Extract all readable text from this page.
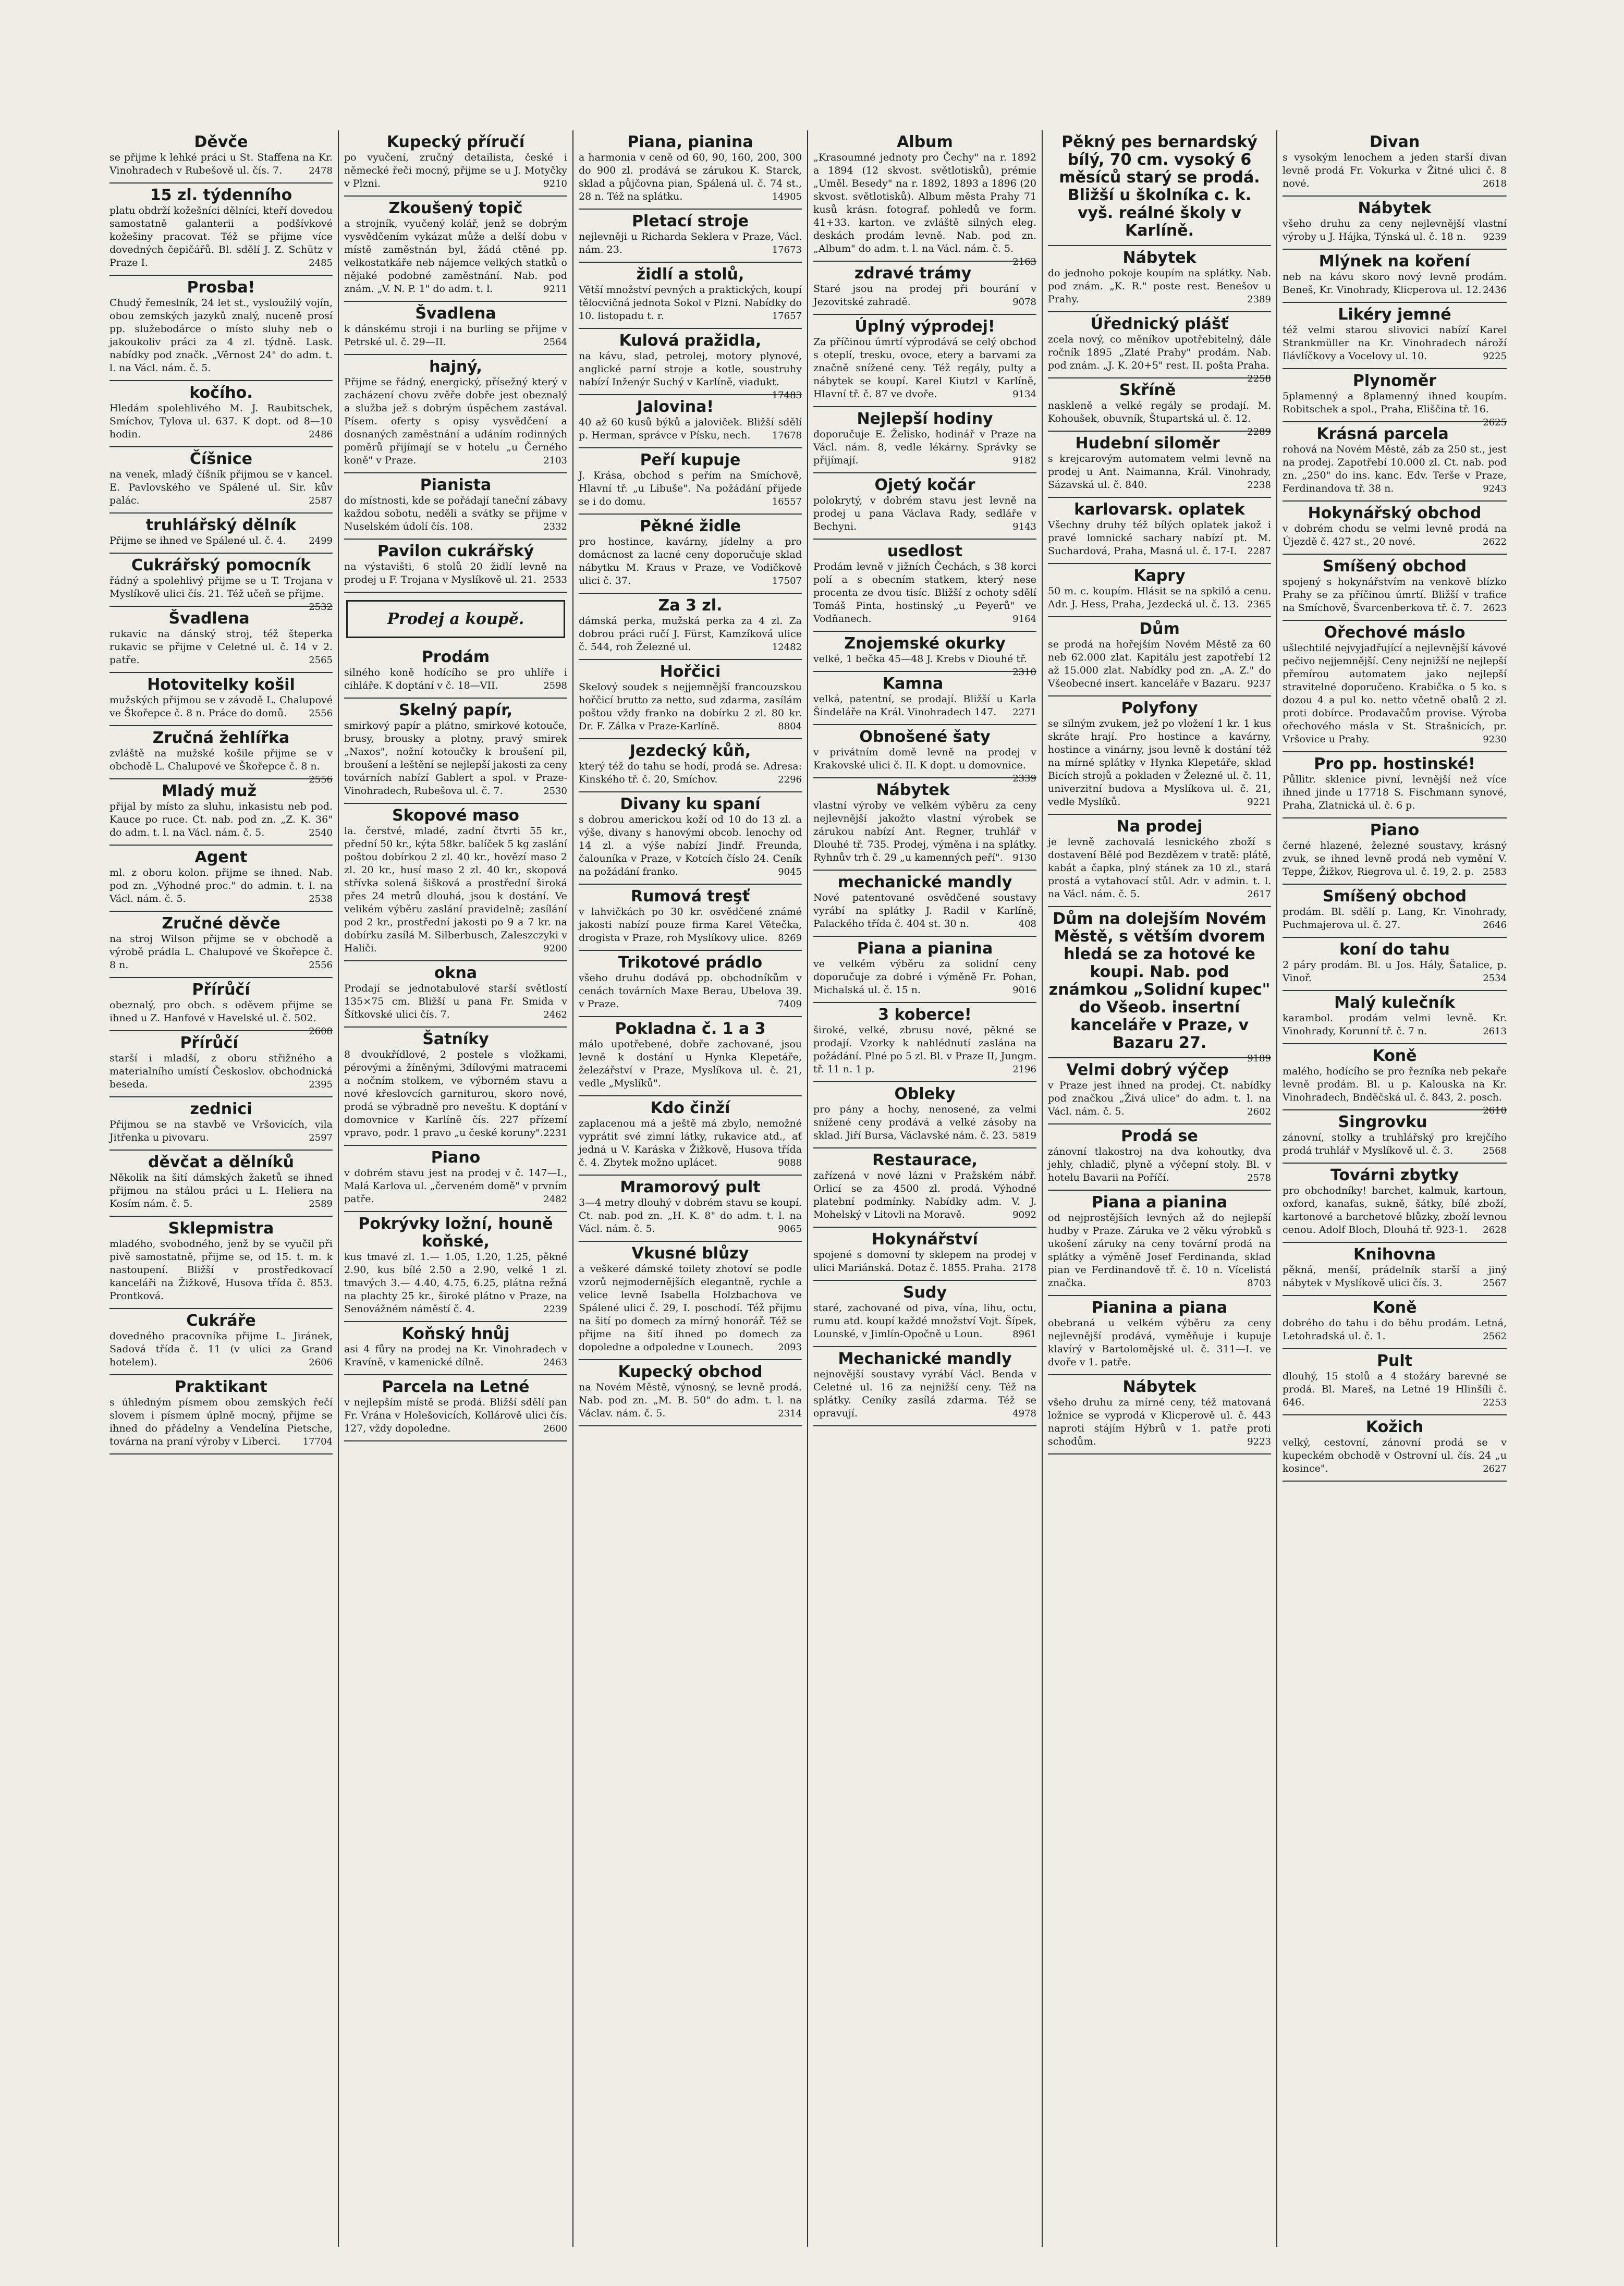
Děvče

se přijme k lehké práci u St. Staffena na Kr. Vinohradech v Rubešově ul. čís. 7.	2478

15 zl. týdenního

platu obdrží kožešníci dělníci, kteří dovedou samostatně galanterii a podšívkové kožešiny pracovat. Též se přijme více dovedných čepičářů. Bl. sdělí J. Z. Schütz v Praze I.	2485

Prosba!

Chudý řemeslník, 24 let st., vysloužilý vojín, obou zemských jazyků znalý, nuceně prosí pp. služebodárce o místo sluhy neb o jakoukoliv práci za 4 zl. týdně. Lask. nabídky pod značk. „Věrnost 24" do adm. t. l. na Václ. nám. č. 5.

kočího.

Hledám spolehlivého M. J. Raubitschek, Smíchov, Tylova ul. 637. K dopt. od 8—10 hodin.	2486

Číšnice

na venek, mladý číšník přijmou se v kancel. E. Pavlovského ve Spálené ul. Sir. kův palác.	2587

truhlářský dělník

Přijme se ihned ve Spálené ul. č. 4. 2499

Cukrářský pomocník

řádný a spolehlivý přijme se u T. Trojana v Myslíkově ulici čís. 21. Též učeň se přijme.
2532

Švadlena

rukavic na dánský stroj, též šteperka rukavic se přijme v Celetné ul. č. 14 v 2. patře.	2565

Hotovitelky košil

mužských přijmou se v závodě L. Chalupové ve Škořepce č. 8 n. Práce do domů. 2556

Zručná žehlířka

zvláště na mužské košile přijme se v obchodě L. Chalupové ve Škořepce č. 8 n.
2556

Mladý muž

přijal by místo za sluhu, inkasistu neb pod. Kauce po ruce. Ct. nab. pod zn. „Z. K. 36" do adm. t. l. na Václ. nám. č. 5.	2540

Agent

ml. z oboru kolon. přijme se ihned. Nab. pod zn. „Výhodné proc." do admin. t. l. na Václ. nám. č. 5.	2538

Zručné děvče

na stroj Wilson přijme se v obchodě a výrobě prádla L. Chalupové ve Škořepce č. 8 n.	2556

Přírůčí

obeznalý, pro obch. s oděvem přijme se ihned u Z. Hanfové v Havelské ul. č. 502.
2608

Přírůčí

starší i mladší, z oboru střižného a materialního umístí Českoslov. obchodnická beseda.	2395

zednici

Přijmou se na stavbě ve Vršovicích, vila Jitřenka u pivovaru.	2597

děvčat a dělníků

Několik na šití dámských žaketů se ihned přijmou na stálou práci u L. Heliera na Kosím nám. č. 5.	2589

Sklepmistra

mladého, svobodného, jenž by se vyučil při pivě samostatně, přijme se, od 15. t. m. k nastoupení. Bližší v prostředkovací kanceláři na Žižkově, Husova třída č. 853. Prontková.

Cukráře

dovedného pracovníka přijme L. Jiránek, Sadová třída č. 11 (v ulici za Grand hotelem).	2606

Praktikant

s úhledným písmem obou zemských řečí slovem i písmem úplně mocný, přijme se ihned do přádelny a Vendelína Pietsche, továrna na praní výroby v Liberci. 17704

Kupecký příručí

po vyučení, zručný detailista, české i německé řeči mocný, přijme se u J. Motyčky v Plzni.	9210

Zkoušený topič

a strojník, vyučený kolář, jenž se dobrým vysvědčením vykázat může a delší dobu v místě zaměstnán byl, žádá ctěné pp. velkostatkáře neb nájemce velkých statků o nějaké podobné zaměstnání. Nab. pod znám. „V. N. P. 1" do adm. t. l.	9211

Švadlena

k dánskému stroji i na burling se přijme v Petrské ul. č. 29—II.	2564

hajný,

Přijme se řádný, energický, přísežný který v zacházení chovu zvěře dobře jest obeznalý a služba jež s dobrým úspěchem zastával. Písem. oferty s opisy vysvědčení a dosnaných zaměstnání a udáním rodinných poměrů přijímají se v hotelu „u Černého koně" v Praze.	2103

Pianista

do místnosti, kde se pořádají taneční zábavy každou sobotu, neděli a svátky se přijme v Nuselském údolí čís. 108.	2332

Pavilon cukrářský

na výstavišti, 6 stolů 20 židlí levně na prodej u F. Trojana v Myslíkově ul. 21. 2533

Prodej a koupě.
Prodám

silného koně hodícího se pro uhlíře i cihláře. K doptání v č. 18—VII.	2598

Skelný papír,

smirkový papír a plátno, smirkové kotouče, brusy, brousky a plotny, pravý smirek „Naxos", nožní kotoučky k broušení pil, broušení a leštění se nejlepší jakosti za ceny továrních nabízí Gablert a spol. v Praze-Vinohradech, Rubešova ul. č. 7.	2530

Skopové maso

la. čerstvé, mladé, zadní čtvrti 55 kr., přední 50 kr., kýta 58kr. balíček 5 kg zaslání poštou dobírkou 2 zl. 40 kr., hovězí maso 2 zl. 20 kr., husí maso 2 zl. 40 kr., skopová střívka solená šišková a prostřední široká přes 24 metrů dlouhá, jsou k dostání. Ve velikém výběru zaslání pravidelně; zasílání pod 2 kr., prostřední jakosti po 9 a 7 kr. na dobírku zasílá M. Silberbusch, Zaleszczyki v Haliči.	9200

okna

Prodají se jednotabulové starší světlostí 135×75 cm. Bližší u pana Fr. Smida v Šítkovské ulici čís. 7.	2462

Šatníky

8 dvoukřídlové, 2 postele s vložkami, pérovými a žíněnými, 3dílovými matracemi a nočním stolkem, ve výborném stavu a nové křeslovcích garniturou, skoro nové, prodá se výbradně pro neveštu. K doptání v domovnice v Karlíně čís. 227 přízemí vpravo, podr. 1 pravo „u české koruny". 2231

Piano

v dobrém stavu jest na prodej v č. 147—I., Malá Karlova ul. „červeném domě" v prvním patře.	2482

Pokrývky ložní, houně koňské,

kus tmavé zl. 1.— 1.05, 1.20, 1.25, pěkné 2.90, kus bílé 2.50 a 2.90, velké 1 zl. tmavých 3.— 4.40, 4.75, 6.25, plátna režná na plachty 25 kr., široké plátno v Praze, na Senovážném náměstí č. 4.	2239

Koňský hnůj

asi 4 fůry na prodej na Kr. Vinohradech v Kravíně, v kamenické dílně.	2463

Parcela na Letné

v nejlepším místě se prodá. Bližší sdělí pan Fr. Vrána v Holešovicích, Kollárově ulici čís. 127, vždy dopoledne.	2600

Piana, pianina

a harmonia v ceně od 60, 90, 160, 200, 300 do 900 zl. prodává se zárukou K. Starck, sklad a půjčovna pian, Spálená ul. č. 74 st., 28 n. Též na splátku.	14905

Pletací stroje

nejlevněji u Richarda Seklera v Praze, Václ. nám. 23.	17673

židlí a stolů,

Větší množství pevných a praktických, koupí tělocvičná jednota Sokol v Plzni. Nabídky do 10. listopadu t. r.	17657

Kulová pražidla,

na kávu, slad, petrolej, motory plynové, anglické parní stroje a kotle, soustruhy nabízí Inženýr Suchý v Karlíně, viadukt.
17483

Jalovina!

40 až 60 kusů býků a jaloviček. Bližší sdělí p. Herman, správce v Písku, nech. 17678

Peří kupuje

J. Krása, obchod s peřím na Smíchově, Hlavní tř. „u Libuše". Na požádání přijede se i do domu.	16557

Pěkné židle

pro hostince, kavárny, jídelny a pro domácnost za lacné ceny doporučuje sklad nábytku M. Kraus v Praze, ve Vodičkově ulici č. 37.	17507

Za 3 zl.

dámská perka, mužská perka za 4 zl. Za dobrou práci ručí J. Fürst, Kamzíková ulice č. 544, roh Železné ul.	12482

Hořčici

Skelový soudek s nejjemnější francouzskou hořčicí brutto za netto, sud zdarma, zasílám poštou vždy franko na dobírku 2 zl. 80 kr. Dr. F. Zálka v Praze-Karlíně.	8804

Jezdecký kůň,

který též do tahu se hodí, prodá se. Adresa: Kinského tř. č. 20, Smíchov.	2296

Divany ku spaní

s dobrou americkou koží od 10 do 13 zl. a výše, divany s hanovými obcob. lenochy od 14 zl. a výše nabízí Jindř. Freunda, čalouníka v Praze, v Kotcích číslo 24. Ceník na požádání franko.	9045

Rumová treşť

v lahvičkách po 30 kr. osvědčené známé jakosti nabízí pouze firma Karel Větečka, drogista v Praze, roh Myslíkovy ulice. 8269

Trikotové prádlo

všeho druhu dodává pp. obchodníkům v cenách továrních Maxe Berau, Ubelova 39. v Praze.	7409

Pokladna č. 1 a 3

málo upotřebené, dobře zachované, jsou levně k dostání u Hynka Klepetáře, železářství v Praze, Myslíkova ul. č. 21, vedle „Myslíků".

Kdo činží

zaplacenou má a ještě má zbylo, nemožné vyprátit své zimní látky, rukavice atd., ať jedná u V. Karáska v Žižkově, Husova třída č. 4. Zbytek možno uplácet.	9088

Mramorový pult

3—4 metry dlouhý v dobrém stavu se koupí. Ct. nab. pod zn. „H. K. 8" do adm. t. l. na Václ. nám. č. 5.	9065

Vkusné blůzy

a veškeré dámské toilety zhotoví se podle vzorů nejmodernějších elegantně, rychle a velice levně Isabella Holzbachova ve Spálené ulici č. 29, I. poschodí. Též přijmu na šití po domech za mírný honorář. Též se přijme na šití ihned po domech za dopoledne a odpoledne v Lounech.	2093

Kupecký obchod

na Novém Městě, výnosný, se levně prodá. Nab. pod zn. „M. B. 50" do adm. t. l. na Václav. nám. č. 5.	2314

Album

„Krasoumné jednoty pro Čechy" na r. 1892 a 1894 (12 skvost. světlotisků), prémie „Uměl. Besedy" na r. 1892, 1893 a 1896 (20 skvost. světlotisků). Album města Prahy 71 kusů krásn. fotograf. pohledů ve form. 41+33. karton. ve zvláště silných eleg. deskách prodám levně. Nab. pod zn. „Album" do adm. t. l. na Václ. nám. č. 5.
2163

zdravé trámy

Staré jsou na prodej při bourání v Jezovitské zahradě.	9078

Úplný výprodej!

Za příčinou úmrtí výprodává se celý obchod s oteplí, tresku, ovoce, etery a barvami za značně snížené ceny. Též regály, pulty a nábytek se koupí. Karel Kiutzl v Karlíně, Hlavní tř. č. 87 ve dvoře.	9134

Nejlepší hodiny

doporučuje E. Želisko, hodinář v Praze na Václ. nám. 8, vedle lékárny. Správky se přijímají.	9182

Ojetý kočár

polokrytý, v dobrém stavu jest levně na prodej u pana Václava Rady, sedláře v Bechyni.	9143

usedlost

Prodám levně v jižních Čechách, s 38 korci polí a s obecním statkem, který nese procenta ze dvou tisíc. Bližší z ochoty sdělí Tomáš Pinta, hostinský „u Peyerů" ve Vodňanech.	9164

Znojemské okurky

velké, 1 bečka 45—48 J. Krebs v Diouhé tř.
2310

Kamna

velká, patentní, se prodají. Bližší u Karla Šindeláře na Král. Vinohradech 147. 2271

Obnošené šaty

v privátním domě levně na prodej v Krakovské ulici č. II. K dopt. u domovnice.
2339

Nábytek

vlastní výroby ve velkém výběru za ceny nejlevnější jakožto vlastní výrobek se zárukou nabízí Ant. Regner, truhlář v Dlouhé tř. 735. Prodej, výměna i na splátky. Ryhnův trh č. 29 „u kamenných peří". 9130

mechanické mandly

Nové patentované osvědčené soustavy vyrábí na splátky J. Radil v Karlíně, Palackého třída č. 404 st. 30 n.	408

Piana a pianina

ve velkém výběru za solidní ceny doporučuje za dobré i výměně Fr. Pohan, Michalská ul. č. 15 n.	9016

3 koberce!

široké, velké, zbrusu nové, pěkné se prodají. Vzorky k nahlédnutí zaslána na požádání. Plné po 5 zl. Bl. v Praze II, Jungm. tř. 11 n. 1 p.	2196

Obleky

pro pány a hochy, nenosené, za velmi snížené ceny prodává a velké zásoby na sklad. Jiří Bursa, Václavské nám. č. 23. 5819

Restaurace,

zařízená v nové lázni v Pražském nábř. Orlicí se za 4500 zl. prodá. Výhodné platební podmínky. Nabídky adm. V. J. Mohelský v Litovli na Moravě.	9092

Hokynářství

spojené s domovní ty sklepem na prodej v ulici Mariánská. Dotaz č. 1855. Praha. 2178

Sudy

staré, zachované od piva, vína, lihu, octu, rumu atd. koupí každé množství Vojt. Šípek, Lounské, v Jimlín-Opočně u Loun.	8961

Mechanické mandly

nejnovější soustavy vyrábí Václ. Benda v Celetné ul. 16 za nejnižší ceny. Též na splátky. Ceníky zasílá zdarma. Též se opravují.	4978

Pěkný pes bernardský bílý, 70 cm. vysoký 6 měsíců starý se prodá. Bližší u školníka c. k. vyš. reálné školy v Karlíně.

Nábytek

do jednoho pokoje koupím na splátky. Nab. pod znám. „K. R." poste rest. Benešov u Prahy.	2389

Úřednický plášť

zcela nový, co měníkov upotřebitelný, dále ročník 1895 „Zlaté Prahy" prodám. Nab. pod znám. „J. K. 20+5" rest. II. pošta Praha.
2258

Skříně

naskleně a velké regály se prodají. M. Kohoušek, obuvník, Štupartská ul. č. 12.
2289

Hudební siloměr

s krejcarovým automatem velmi levně na prodej u Ant. Naimanna, Král. Vinohrady, Sázavská ul. č. 840.	2238

karlovarsk. oplatek

Všechny druhy též bílých oplatek jakož i pravé lomnické sachary nabízí pt. M. Suchardová, Praha, Masná ul. č. 17-I. 2287

Kapry

50 m. c. koupím. Hlásit se na spkiló a cenu. Adr. J. Hess, Praha, Jezdecká ul. č. 13. 2365

Dům

se prodá na hořejším Novém Městě za 60 neb 62.000 zlat. Kapitálu jest zapotřebí 12 až 15.000 zlat. Nabídky pod zn. „A. Z." do Všeobecné insert. kanceláře v Bazaru. 9237

Polyfony

se silným zvukem, jež po vložení 1 kr. 1 kus skráte hrají. Pro hostince a kavárny, hostince a vinárny, jsou levně k dostání též na mírné splátky v Hynka Klepetáře, sklad Bicích strojů a pokladen v Železné ul. č. 11, univerzitní budova a Myslíkova ul. č. 21, vedle Myslíků.	9221

Na prodej

je levně zachovalá lesnického zboží s dostavení Bělé pod Bezdězem v tratě: plátě, kabát a čapka, plný stánek za 10 zl., stará prostá a vytahovací stůl. Adr. v admin. t. l. na Václ. nám. č. 5.	2617

Dům na dolejším Novém Městě, s větším dvorem hledá se za hotové ke koupi. Nab. pod známkou „Solidní kupec" do Všeob. insertní kanceláře v Praze, v Bazaru 27.

9189

Velmi dobrý výčep

v Praze jest ihned na prodej. Ct. nabídky pod značkou „Živá ulice" do adm. t. l. na Václ. nám. č. 5.	2602

Prodá se

zánovní tlakostroj na dva kohoutky, dva jehly, chladič, plyně a výčepní stoly. Bl. v hotelu Bavarii na Poříčí.	2578

Piana a pianina

od nejprostějších levných až do nejlepší hudby v Praze. Záruka ve 2 věku výrobků s ukošení záruky na ceny tovární prodá na splátky a výměně Josef Ferdinanda, sklad pian ve Ferdinandově tř. č. 10 n. Vícelistá značka.	8703

Pianina a piana

obebraná u velkém výběru za ceny nejlevnější prodává, vyměňuje i kupuje klavírý v Bartolomějské ul. č. 311—I. ve dvoře v 1. patře.

Nábytek

všeho druhu za mírné ceny, též matovaná ložnice se vyprodá v Klicperově ul. č. 443 naproti stájím Hýbrů v 1. patře proti schodům.	9223

Divan

s vysokým lenochem a jeden starší divan levně prodá Fr. Vokurka v Žitné ulici č. 8 nové.	2618

Nábytek

všeho druhu za ceny nejlevnější vlastní výroby u J. Hájka, Týnská ul. č. 18 n. 9239

Mlýnek na koření

neb na kávu skoro nový levně prodám. Beneš, Kr. Vinohrady, Klicperova ul. 12. 2436

Likéry jemné

též velmi starou slivovici nabízí Karel Strankmüller na Kr. Vinohradech nároží Ilávlíčkovy a Vocelovy ul. 10.	9225

Plynoměr

5plamenný a 8plamenný ihned koupím. Robitschek a spol., Praha, Eliščina tř. 16.
2625

Krásná parcela

rohová na Novém Městě, záb za 250 st., jest na prodej. Zapotřebí 10.000 zl. Ct. nab. pod zn. „250" do ins. kanc. Edv. Terše v Praze, Ferdinandova tř. 38 n.	9243

Hokynářský obchod

v dobrém chodu se velmi levně prodá na Újezdě č. 427 st., 20 nové.	2622

Smíšený obchod

spojený s hokynářstvím na venkově blízko Prahy se za příčinou úmrtí. Bližší v trafice na Smíchově, Švarcenberkova tř. č. 7. 2623

Ořechové máslo

ušlechtilé nejvyjadřující a nejlevnější kávové pečivo nejjemnější. Ceny nejnižší ne nejlepší přemírou automatem jako nejlepší stravitelné doporučeno. Krabička o 5 ko. s dozou 4 a pul ko. netto včetně obalů 2 zl. proti dobírce. Prodavačům provise. Výroba ořechového másla v St. Strašnicích, pr. Vršovice u Prahy.	9230

Pro pp. hostinské!

Půllitr. sklenice pivní, levnější než více ihned jinde u 17718 S. Fischmann synové, Praha, Zlatnická ul. č. 6 p.

Piano

černé hlazené, železné soustavy, krásný zvuk, se ihned levně prodá neb vymění V. Teppe, Žižkov, Riegrova ul. č. 19, 2. p. 2583

Smíšený obchod

prodám. Bl. sdělí p. Lang, Kr. Vinohrady, Puchmajerova ul. č. 27.	2646

koní do tahu

2 páry prodám. Bl. u Jos. Hály, Šatalice, p. Vinoř.	2534

Malý kulečník

karambol. prodám velmi levně. Kr. Vinohrady, Korunní tř. č. 7 n.	2613

Koně

malého, hodícího se pro řezníka neb pekaře levně prodám. Bl. u p. Kalouska na Kr. Vinohradech, Bnděčská ul. č. 843, 2. posch.
2610

Singrovku

zánovní, stolky a truhlářský pro krejčího prodá truhlář v Myslíkově ul. č. 3.	2568

Továrni zbytky

pro obchodníky! barchet, kalmuk, kartoun, oxford, kanafas, sukně, šátky, bílé zboží, kartonové a barchetové blůzky, zboží levnou cenou. Adolf Bloch, Dlouhá tř. 923-1. 2628

Knihovna

pěkná, menší, prádelník starší a jiný nábytek v Myslíkově ulici čís. 3.	2567

Koně

dobrého do tahu i do běhu prodám. Letná, Letohradská ul. č. 1.	2562

Pult

dlouhý, 15 stolů a 4 stožáry barevné se prodá. Bl. Mareš, na Letné 19 Hlinšíli č. 646.	2253

Kožich

velký, cestovní, zánovní prodá se v kupeckém obchodě v Ostrovní ul. čís. 24 „u kosince".	2627
